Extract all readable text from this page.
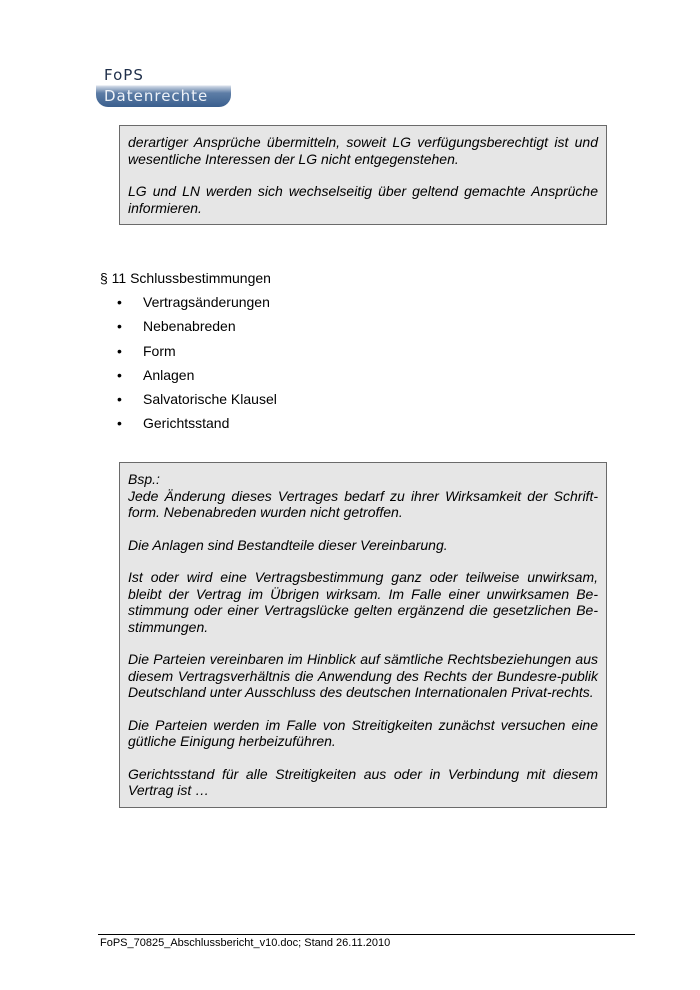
FoPS
Datenrechte

derartiger Ansprüche übermitteln, soweit LG verfügungsberechtigt ist und wesentliche Interessen der LG nicht entgegenstehen.

LG und LN werden sich wechselseitig über geltend gemachte Ansprüche informieren.

§ 11 Schlussbestimmungen
• Vertragsänderungen
• Nebenabreden
• Form
• Anlagen
• Salvatorische Klausel
• Gerichtsstand
Bsp.:

Jede Änderung dieses Vertrages bedarf zu ihrer Wirksamkeit der Schrift-form. Nebenabreden wurden nicht getroffen.

Die Anlagen sind Bestandteile dieser Vereinbarung.

Ist oder wird eine Vertragsbestimmung ganz oder teilweise unwirksam, bleibt der Vertrag im Übrigen wirksam. Im Falle einer unwirksamen Be-stimmung oder einer Vertragslücke gelten ergänzend die gesetzlichen Be-stimmungen.

Die Parteien vereinbaren im Hinblick auf sämtliche Rechtsbeziehungen aus diesem Vertragsverhältnis die Anwendung des Rechts der Bundesre-publik Deutschland unter Ausschluss des deutschen Internationalen Privat-rechts.

Die Parteien werden im Falle von Streitigkeiten zunächst versuchen eine gütliche Einigung herbeizuführen.

Gerichtsstand für alle Streitigkeiten aus oder in Verbindung mit diesem Vertrag ist …

FoPS_70825_Abschlussbericht_v10.doc; Stand 26.11.2010
